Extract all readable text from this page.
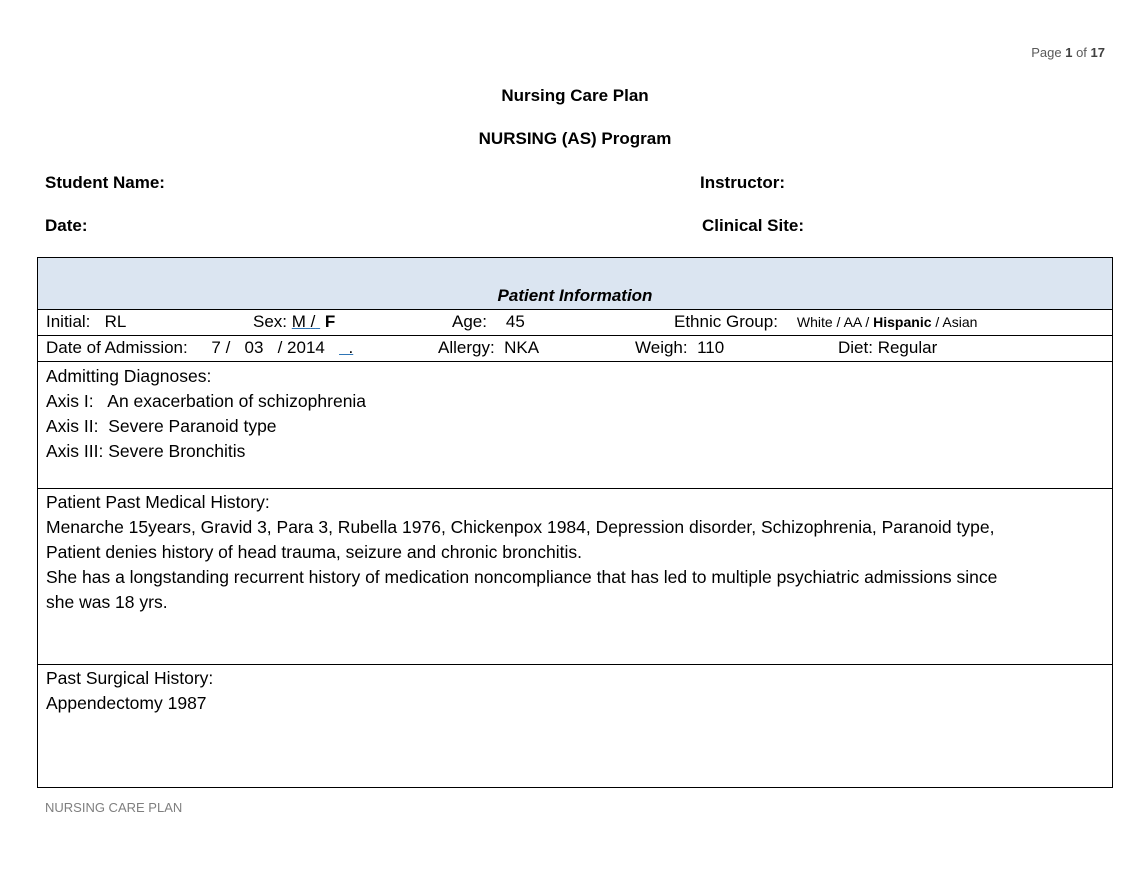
Page 1 of 17
Nursing Care Plan
NURSING (AS) Program
Student Name:	Instructor:
Date:	Clinical Site:
Patient Information
Initial: RL	Sex: M / F	Age: 45	Ethnic Group: White / AA / Hispanic / Asian
Date of Admission: 7 / 03 / 2014 .	Allergy: NKA	Weigh: 110	Diet: Regular
Admitting Diagnoses:
Axis I:   An exacerbation of schizophrenia
Axis II:  Severe Paranoid type
Axis III: Severe Bronchitis
Patient Past Medical History:
Menarche 15years, Gravid 3, Para 3, Rubella 1976, Chickenpox 1984, Depression disorder, Schizophrenia, Paranoid type,
Patient denies history of head trauma, seizure and chronic bronchitis.
She has a longstanding recurrent history of medication noncompliance that has led to multiple psychiatric admissions since
she was 18 yrs.
Past Surgical History:
Appendectomy 1987
NURSING CARE PLAN
